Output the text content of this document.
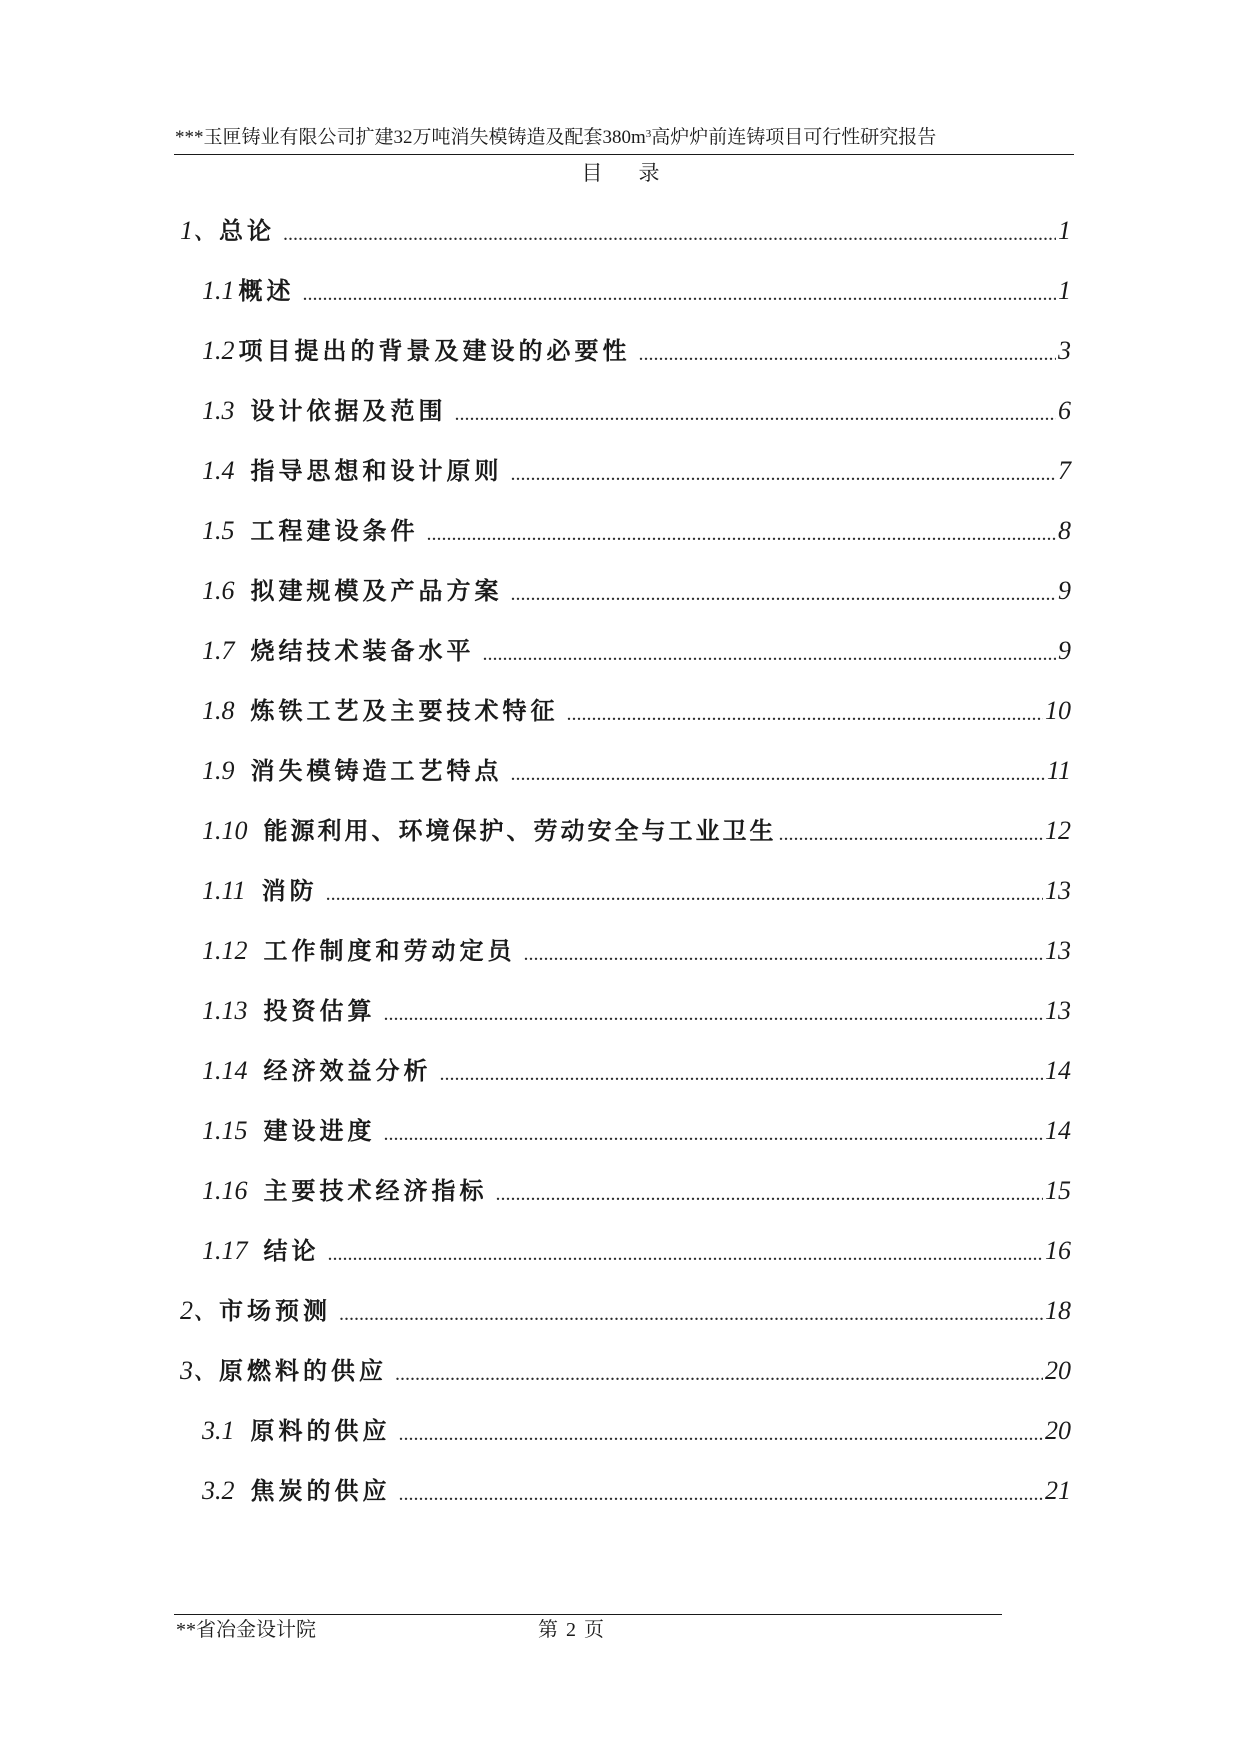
***玉匣铸业有限公司扩建32万吨消失模铸造及配套$380m^3$高炉炉前连铸项目可行性研究报告
目 录
1、 总论 .....	1
1.1 概述 .....	1
1.2 项目提出的背景及建设的必要性 .....	3
1.3 设计依据及范围 .....	6
1.4 指导思想和设计原则 .....	7
1.5 工程建设条件 .....	8
1.6 拟建规模及产品方案 .....	9
1.7 烧结技术装备水平 .....	9
1.8 炼铁工艺及主要技术特征 .....	10
1.9 消失模铸造工艺特点 .....	11
1.10 能源利用、环境保护、劳动安全与工业卫生 .....	12
1.11 消防 .....	13
1.12 工作制度和劳动定员 .....	13
1.13 投资估算 .....	13
1.14 经济效益分析 .....	14
1.15 建设进度 .....	14
1.16 主要技术经济指标 .....	15
1.17 结论 .....	16
2、 市场预测 .....	18
3、 原燃料的供应 .....	20
3.1 原料的供应 .....	20
3.2 焦炭的供应 .....	21
**省冶金设计院	第 2 页
